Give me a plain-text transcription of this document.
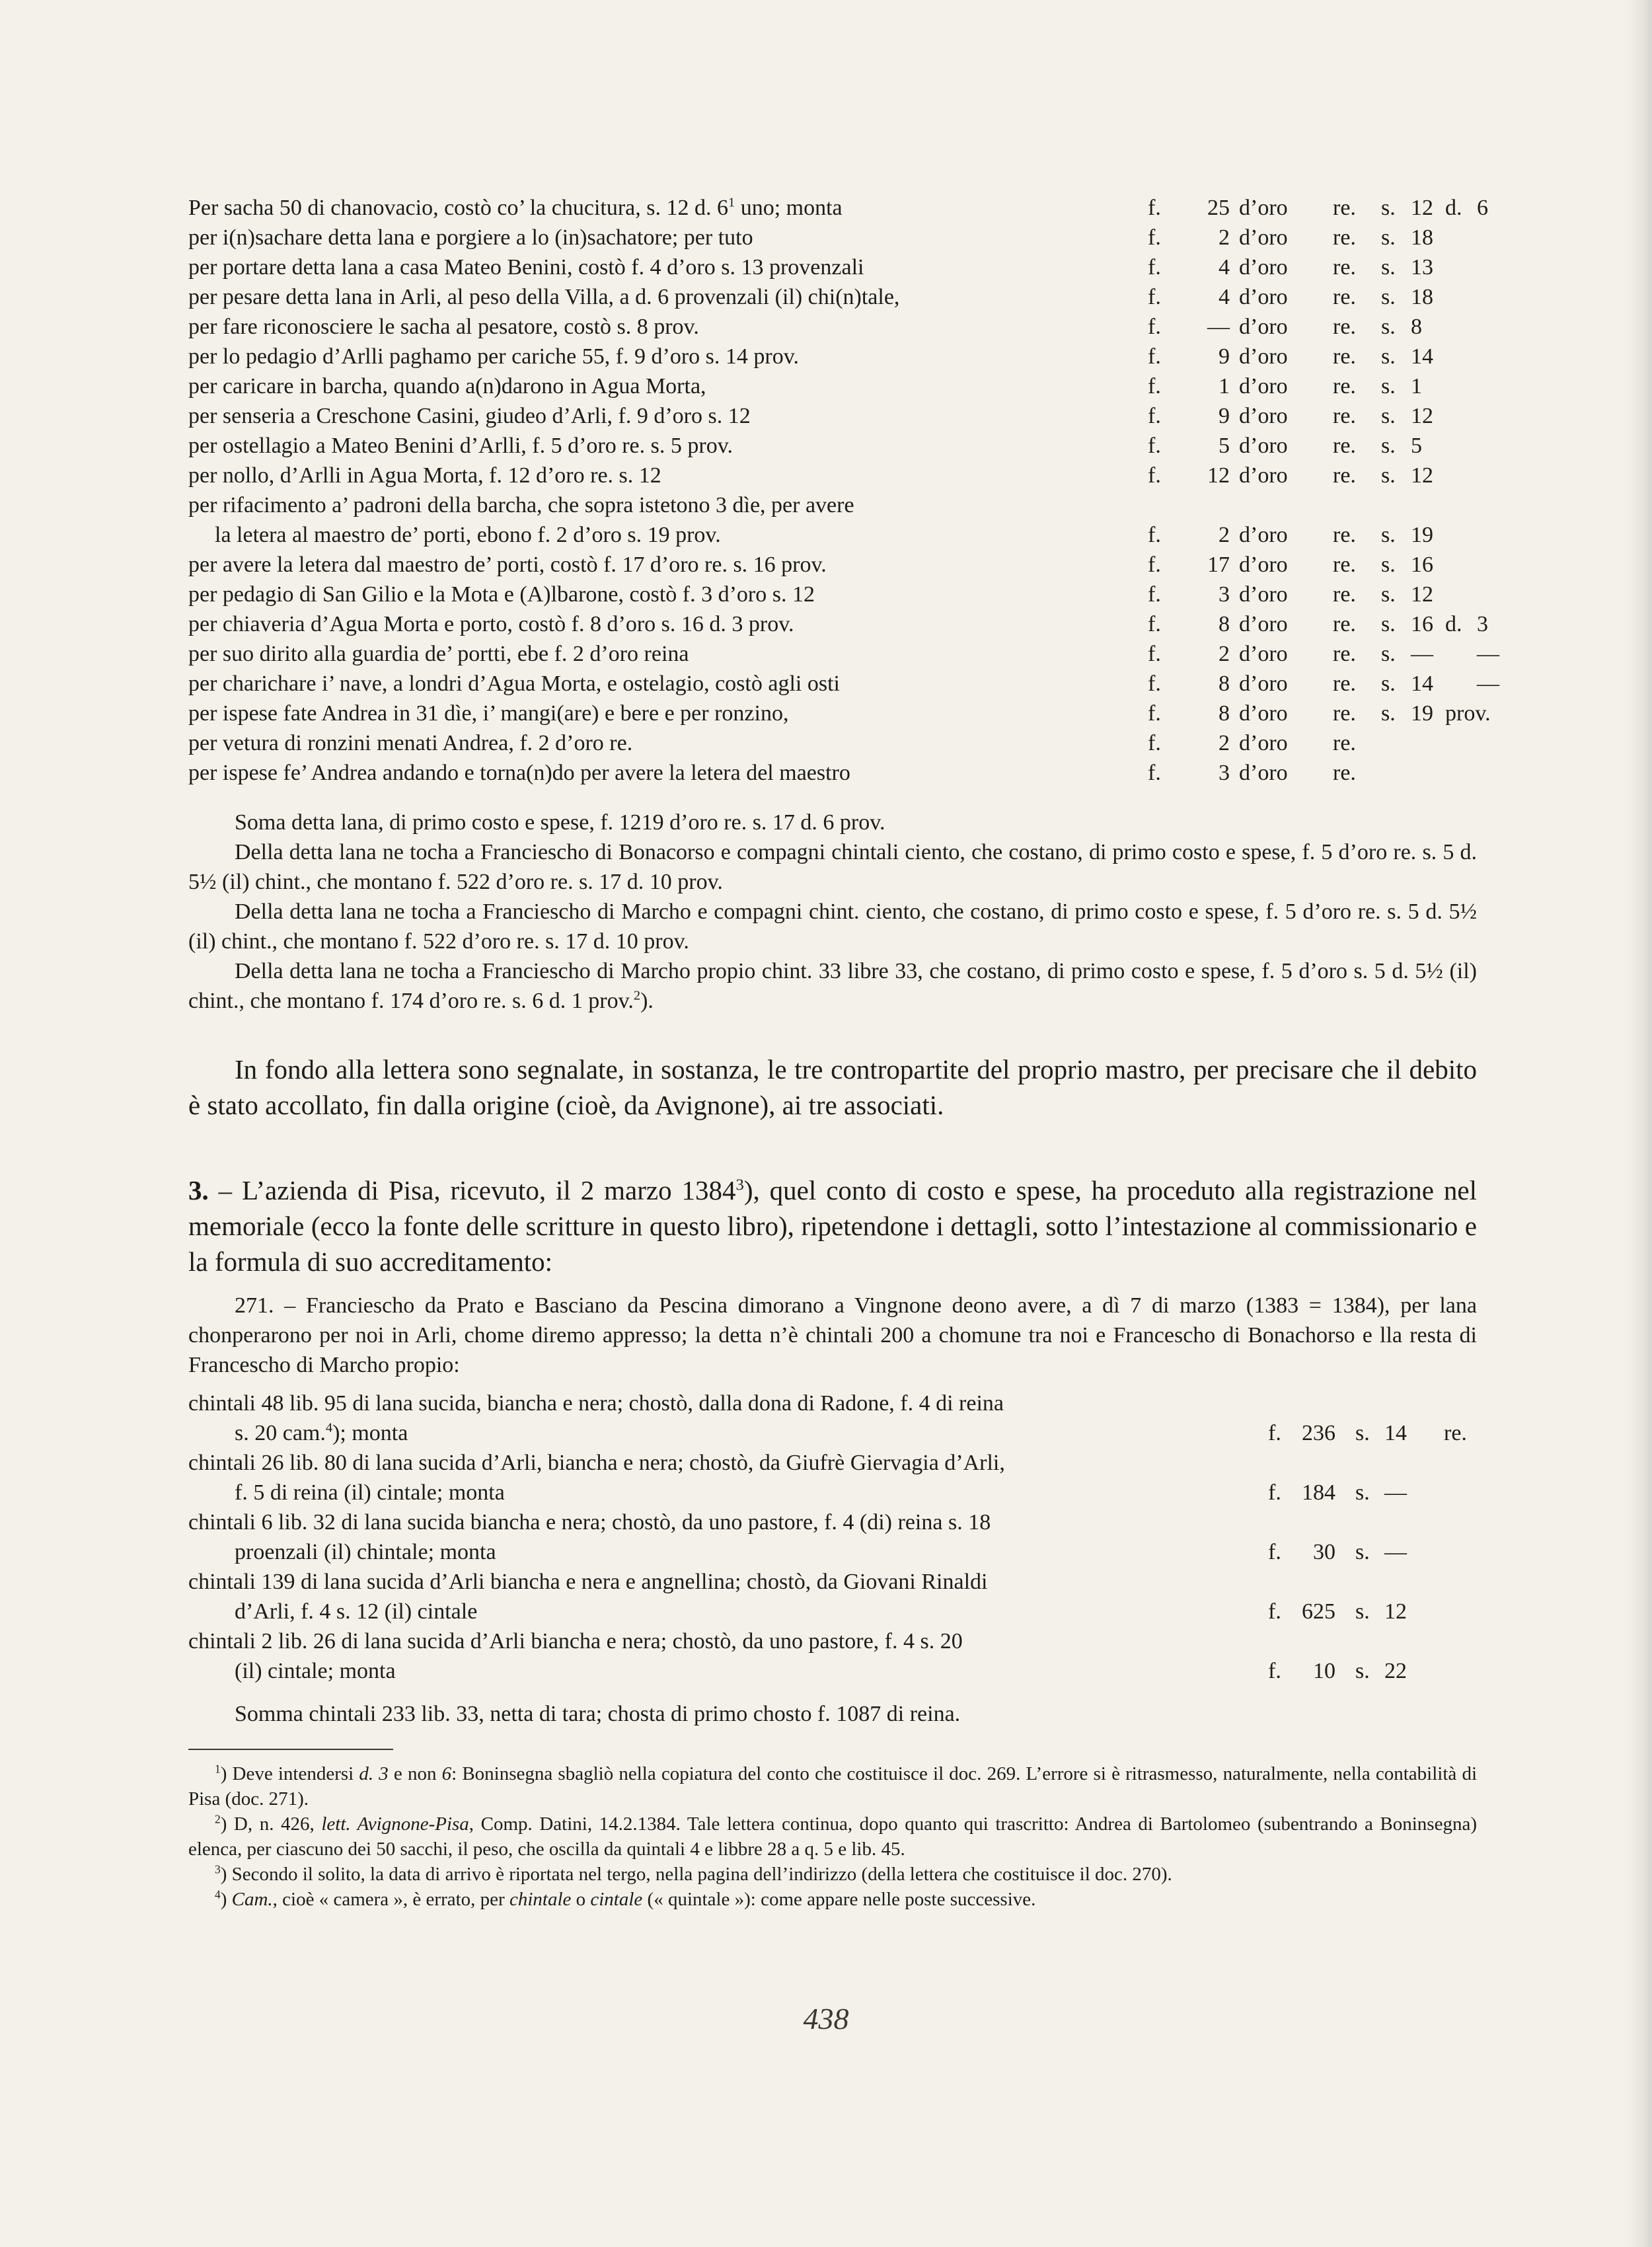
Per sacha 50 di chanovacio, costò co’ la chucitura, s. 12 d. $6^1$ uno; monta	f.	25 d’oro re. s. 12 d. 6
per i(n)sachare detta lana e porgiere a lo (in)sachatore; per tuto	f.	2 d’oro re. s. 18
per portare detta lana a casa Mateo Benini, costò f. 4 d’oro s. 13 provenzali	f.	4 d’oro re. s. 13
per pesare detta lana in Arli, al peso della Villa, a d. 6 provenzali (il) chi(n)tale,	f.	4 d’oro re. s. 18
per fare riconosciere le sacha al pesatore, costò s. 8 prov.	f.	— d’oro re. s. 8
per lo pedagio d’Arlli paghamo per cariche 55, f. 9 d’oro s. 14 prov.	f.	9 d’oro re. s. 14
per caricare in barcha, quando a(n)darono in Agua Morta,	f.	1 d’oro re. s. 1
per senseria a Creschone Casini, giudeo d’Arli, f. 9 d’oro s. 12	f.	9 d’oro re. s. 12
per ostellagio a Mateo Benini d’Arlli, f. 5 d’oro re. s. 5 prov.	f.	5 d’oro re. s. 5
per nollo, d’Arlli in Agua Morta, f. 12 d’oro re. s. 12	f.	12 d’oro re. s. 12
per rifacimento a’ padroni della barcha, che sopra istetono 3 dìe, per avere
la letera al maestro de’ porti, ebono f. 2 d’oro s. 19 prov.	f.	2 d’oro re. s. 19
per avere la letera dal maestro de’ porti, costò f. 17 d’oro re. s. 16 prov.	f.	17 d’oro re. s. 16
per pedagio di San Gilio e la Mota e (A)lbarone, costò f. 3 d’oro s. 12	f.	3 d’oro re. s. 12
per chiaveria d’Agua Morta e porto, costò f. 8 d’oro s. 16 d. 3 prov.	f.	8 d’oro re. s. 16 d. 3
per suo dirito alla guardia de’ portti, ebe f. 2 d’oro reina	f.	2 d’oro re. s. — —
per charichare i’ nave, a londri d’Agua Morta, e ostelagio, costò agli osti	f.	8 d’oro re. s. 14 —
per ispese fate Andrea in 31 dìe, i’ mangi(are) e bere e per ronzino,	f.	8 d’oro re. s. 19 prov.
per vetura di ronzini menati Andrea, f. 2 d’oro re.	f.	2 d’oro re.
per ispese fe’ Andrea andando e torna(n)do per avere la letera del maestro	f.	3 d’oro re.

Soma detta lana, di primo costo e spese, f. 1219 d’oro re. s. 17 d. 6 prov.

Della detta lana ne tocha a Franciescho di Bonacorso e compagni chintali ciento, che costano, di primo costo e spese, f. 5 d’oro re. s. 5 d. 5½ (il) chint., che montano f. 522 d’oro re. s. 17 d. 10 prov.

Della detta lana ne tocha a Franciescho di Marcho e compagni chint. ciento, che costano, di primo costo e spese, f. 5 d’oro re. s. 5 d. 5½ (il) chint., che montano f. 522 d’oro re. s. 17 d. 10 prov.

Della detta lana ne tocha a Franciescho di Marcho propio chint. 33 libre 33, che costano, di primo costo e spese, f. 5 d’oro s. 5 d. 5½ (il) chint., che montano f. 174 d’oro re. s. 6 d. 1 prov.$^2$).

In fondo alla lettera sono segnalate, in sostanza, le tre contropartite del proprio mastro, per precisare che il debito è stato accollato, fin dalla origine (cioè, da Avignone), ai tre associati.

3. – L’azienda di Pisa, ricevuto, il 2 marzo 1384$^3$), quel conto di costo e spese, ha proceduto alla registrazione nel memoriale (ecco la fonte delle scritture in questo libro), ripetendone i dettagli, sotto l’intestazione al commissionario e la formula di suo accreditamento:

271. – Franciescho da Prato e Basciano da Pescina dimorano a Vingnone deono avere, a dì 7 di marzo (1383 = 1384), per lana chonperarono per noi in Arli, chome diremo appresso; la detta n’è chintali 200 a chomune tra noi e Francescho di Bonachorso e lla resta di Francescho di Marcho propio:

chintali 48 lib. 95 di lana sucida, biancha e nera; chostò, dalla dona di Radone, f. 4 di reina
s. 20 cam.$^4$); monta	f. 236 s. 14 re.
chintali 26 lib. 80 di lana sucida d’Arli, biancha e nera; chostò, da Giufrè Giervagia d’Arli,
f. 5 di reina (il) cintale; monta	f. 184 s. —
chintali 6 lib. 32 di lana sucida biancha e nera; chostò, da uno pastore, f. 4 (di) reina s. 18
proenzali (il) chintale; monta	f.	30 s. —
chintali 139 di lana sucida d’Arli biancha e nera e angnellina; chostò, da Giovani Rinaldi
d’Arli, f. 4 s. 12 (il) cintale	f. 625 s. 12
chintali 2 lib. 26 di lana sucida d’Arli biancha e nera; chostò, da uno pastore, f. 4 s. 20
(il) cintale; monta	f.	10 s. 22

Somma chintali 233 lib. 33, netta di tara; chosta di primo chosto f. 1087 di reina.

$^1$) Deve intendersi d. 3 e non 6: Boninsegna sbagliò nella copiatura del conto che costituisce il doc. 269. L’errore si è ritrasmesso, naturalmente, nella contabilità di Pisa (doc. 271).

$^2$) D, n. 426, lett. Avignone-Pisa, Comp. Datini, 14.2.1384. Tale lettera continua, dopo quanto qui trascritto: Andrea di Bartolomeo (subentrando a Boninsegna) elenca, per ciascuno dei 50 sacchi, il peso, che oscilla da quintali 4 e libbre 28 a q. 5 e lib. 45.

$^3$) Secondo il solito, la data di arrivo è riportata nel tergo, nella pagina dell’indirizzo (della lettera che costituisce il doc. 270).

$^4$) Cam., cioè « camera », è errato, per chintale o cintale (« quintale »): come appare nelle poste successive.

438
